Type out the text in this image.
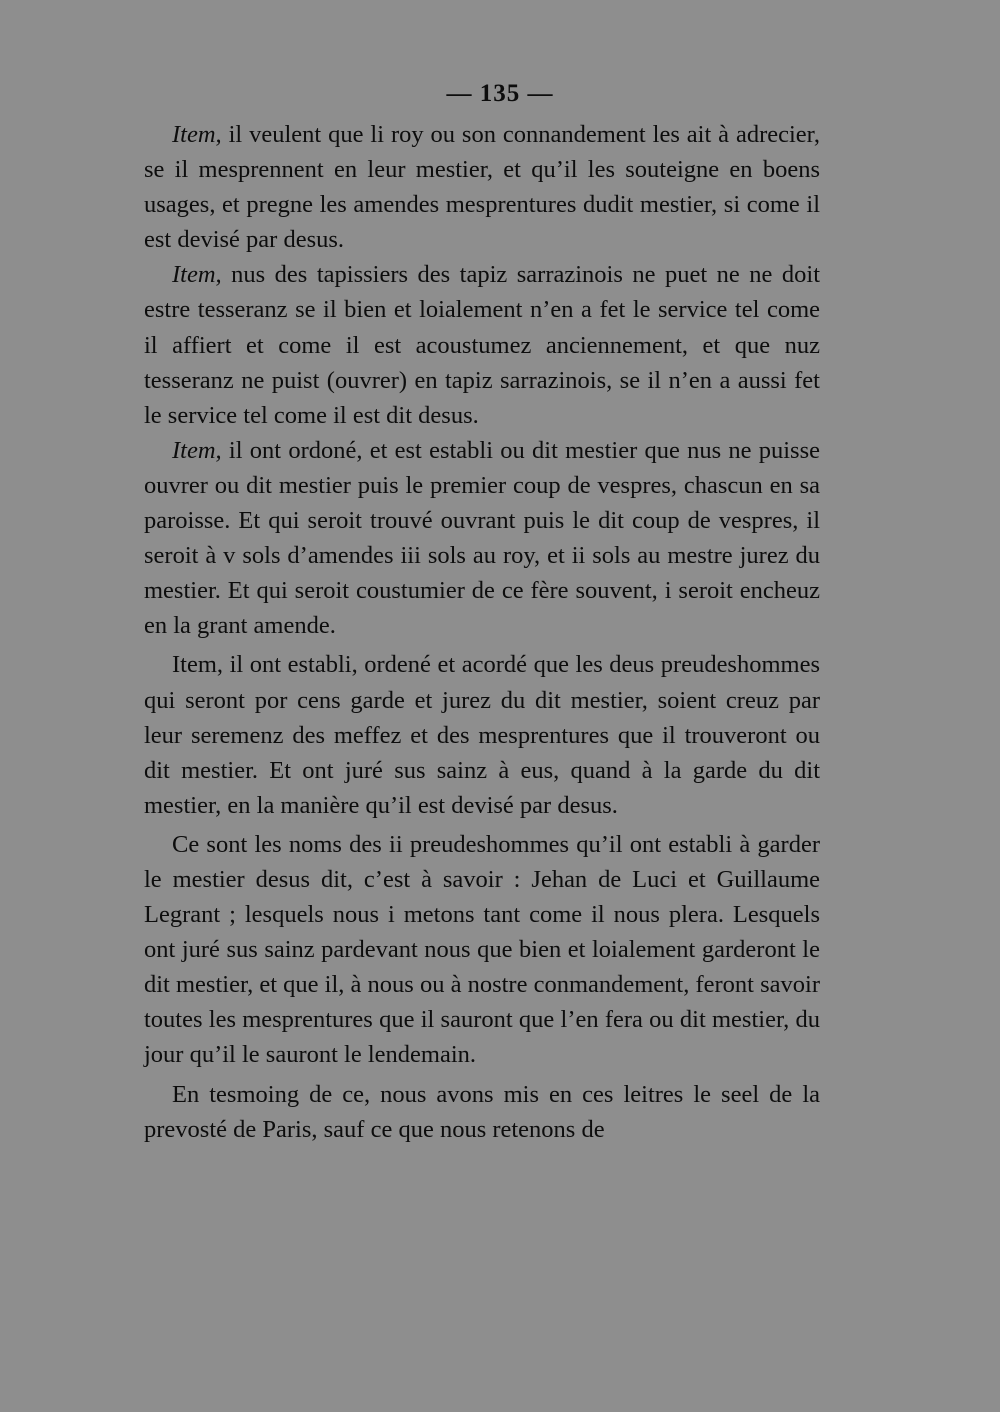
— 135 —

Item, il veulent que li roy ou son connandement les ait à adrecier, se il mesprennent en leur mestier, et qu’il les souteigne en boens usages, et pregne les amendes mesprentures dudit mestier, si come il est devisé par desus.

Item, nus des tapissiers des tapiz sarrazinois ne puet ne ne doit estre tesseranz se il bien et loialement n’en a fet le service tel come il affiert et come il est acoustumez anciennement, et que nuz tesseranz ne puist (ouvrer) en tapiz sarrazinois, se il n’en a aussi fet le service tel come il est dit desus.

Item, il ont ordoné, et est establi ou dit mestier que nus ne puisse ouvrer ou dit mestier puis le premier coup de vespres, chascun en sa paroisse. Et qui seroit trouvé ouvrant puis le dit coup de vespres, il seroit à v sols d’amendes iii sols au roy, et ii sols au mestre jurez du mestier. Et qui seroit coustumier de ce fère souvent, i seroit encheuz en la grant amende.

Item, il ont establi, ordené et acordé que les deus preudeshommes qui seront por cens garde et jurez du dit mestier, soient creuz par leur seremenz des meffez et des mesprentures que il trouveront ou dit mestier. Et ont juré sus sainz à eus, quand à la garde du dit mestier, en la manière qu’il est devisé par desus.

Ce sont les noms des ii preudeshommes qu’il ont establi à garder le mestier desus dit, c’est à savoir : Jehan de Luci et Guillaume Legrant ; lesquels nous i metons tant come il nous plera. Lesquels ont juré sus sainz pardevant nous que bien et loialement garderont le dit mestier, et que il, à nous ou à nostre conmandement, feront savoir toutes les mesprentures que il sauront que l’en fera ou dit mestier, du jour qu’il le sauront le lendemain.

En tesmoing de ce, nous avons mis en ces leitres le seel de la prevosté de Paris, sauf ce que nous retenons de
